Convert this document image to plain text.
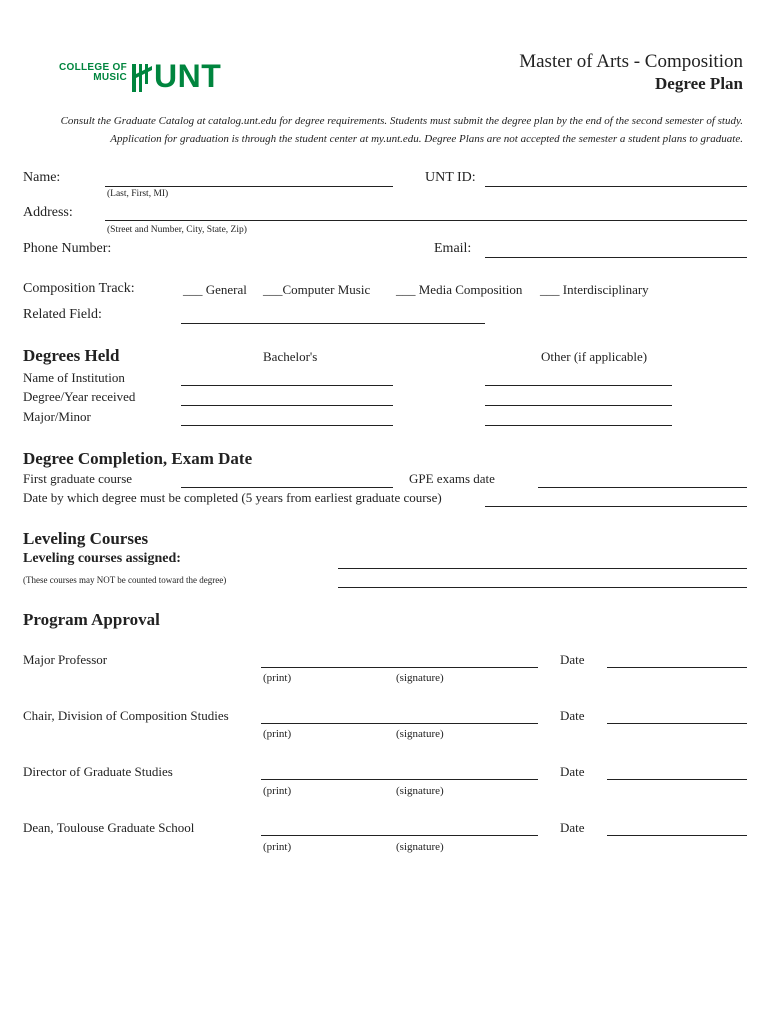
COLLEGE OF
MUSIC UNT	Master of Arts - Composition
Degree Plan
Consult the Graduate Catalog at catalog.unt.edu for degree requirements. Students must submit the degree plan by the end of the second semester of study.
Application for graduation is through the student center at my.unt.edu. Degree Plans are not accepted the semester a student plans to graduate.
Name:
(Last, First, MI)
UNT ID:
Address:
(Street and Number, City, State, Zip)
Phone Number:	Email:
Composition Track:	___ General ___Computer Music ___ Media Composition ___ Interdisciplinary
Related Field:
Degrees Held	Bachelor's	Other (if applicable)
Name of Institution
Degree/Year received
Major/Minor
Degree Completion, Exam Date
First graduate course	GPE exams date
Date by which degree must be completed (5 years from earliest graduate course)
Leveling Courses
Leveling courses assigned:
(These courses may NOT be counted toward the degree)
Program Approval
Major Professor	Date
(print)	(signature)
Chair, Division of Composition Studies	Date
(print)	(signature)
Director of Graduate Studies	Date
(print)	(signature)
Dean, Toulouse Graduate School	Date
(print)	(signature)
